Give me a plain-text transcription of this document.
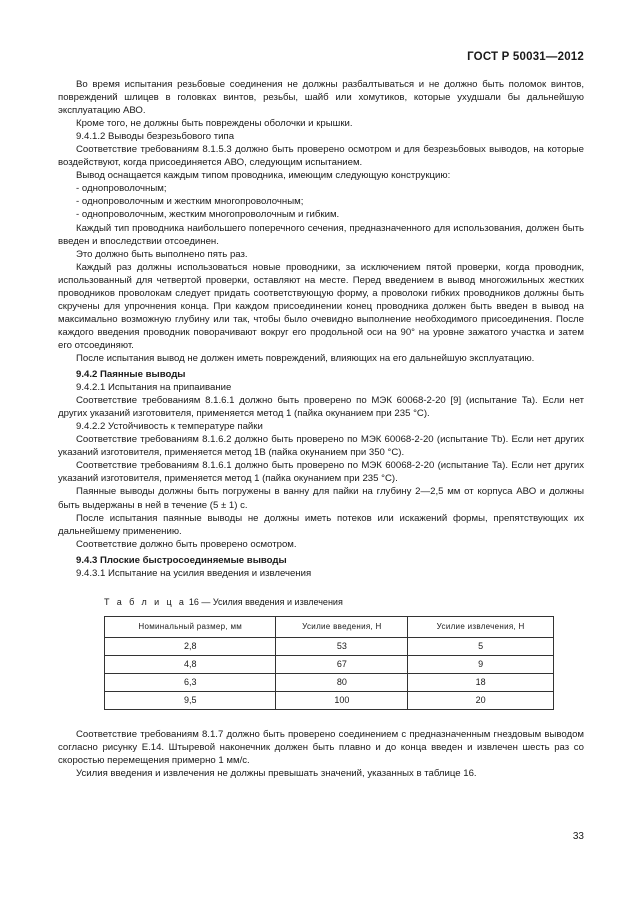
ГОСТ Р 50031—2012

Во время испытания резьбовые соединения не должны разбалтываться и не должно быть поломок винтов, повреждений шлицев в головках винтов, резьбы, шайб или хомутиков, которые ухудшали бы дальнейшую эксплуатацию АВО.

Кроме того, не должны быть повреждены оболочки и крышки.

9.4.1.2 Выводы безрезьбового типа

Соответствие требованиям 8.1.5.3 должно быть проверено осмотром и для безрезьбовых выводов, на которые воздействуют, когда присоединяется АВО, следующим испытанием.

Вывод оснащается каждым типом проводника, имеющим следующую конструкцию:

- однопроволочным;

- однопроволочным и жестким многопроволочным;

- однопроволочным, жестким многопроволочным и гибким.

Каждый тип проводника наибольшего поперечного сечения, предназначенного для использования, должен быть введен и впоследствии отсоединен.

Это должно быть выполнено пять раз.

Каждый раз должны использоваться новые проводники, за исключением пятой проверки, когда проводник, использованный для четвертой проверки, оставляют на месте. Перед введением в вывод многожильных жестких проводников проволокам следует придать соответствующую форму, а проволоки гибких проводников должны быть скручены для упрочнения конца. При каждом присоединении конец проводника должен быть введен в вывод на максимально возможную глубину или так, чтобы было очевидно выполнение необходимого присоединения. После каждого введения проводник поворачивают вокруг его продольной оси на 90° на уровне зажатого участка и затем его отсоединяют.

После испытания вывод не должен иметь повреждений, влияющих на его дальнейшую эксплуатацию.

9.4.2 Паянные выводы

9.4.2.1 Испытания на припаивание

Соответствие требованиям 8.1.6.1 должно быть проверено по МЭК 60068-2-20 [9] (испытание Ta). Если нет других указаний изготовителя, применяется метод 1 (пайка окунанием при 235 °С).

9.4.2.2 Устойчивость к температуре пайки

Соответствие требованиям 8.1.6.2 должно быть проверено по МЭК 60068-2-20 (испытание Tb). Если нет других указаний изготовителя, применяется метод 1B (пайка окунанием при 350 °С).

Соответствие требованиям 8.1.6.1 должно быть проверено по МЭК 60068-2-20 (испытание Ta). Если нет других указаний изготовителя, применяется метод 1 (пайка окунанием при 235 °С).

Паянные выводы должны быть погружены в ванну для пайки на глубину 2—2,5 мм от корпуса АВО и должны быть выдержаны в ней в течение (5 ± 1) с.

После испытания паянные выводы не должны иметь потеков или искажений формы, препятствующих их дальнейшему применению.

Соответствие должно быть проверено осмотром.

9.4.3 Плоские быстросоединяемые выводы

9.4.3.1 Испытание на усилия введения и извлечения

Т а б л и ц а 16 — Усилия введения и извлечения

Номинальный размер, мм	Усилие введения, Н	Усилие извлечения, Н
2,8	53	5
4,8	67	9
6,3	80	18
9,5	100	20

Соответствие требованиям 8.1.7 должно быть проверено соединением с предназначенным гнездовым выводом согласно рисунку Е.14. Штыревой наконечник должен быть плавно и до конца введен и извлечен шесть раз со скоростью перемещения примерно 1 мм/с.

Усилия введения и извлечения не должны превышать значений, указанных в таблице 16.

33
